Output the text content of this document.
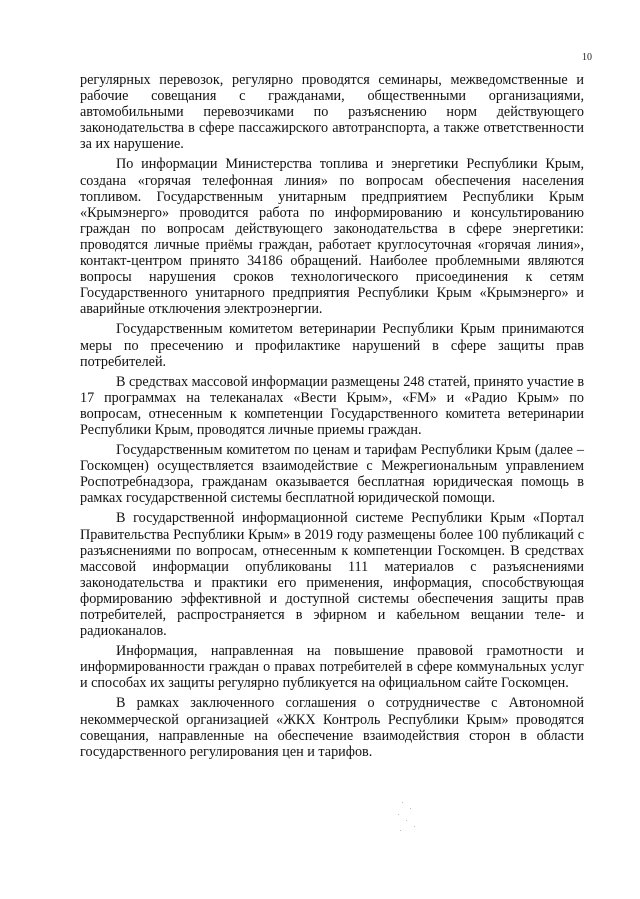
10

регулярных перевозок, регулярно проводятся семинары, межведомственные и рабочие совещания с гражданами, общественными организациями, автомобильными перевозчиками по разъяснению норм действующего законодательства в сфере пассажирского автотранспорта, а также ответственности за их нарушение.

По информации Министерства топлива и энергетики Республики Крым, создана «горячая телефонная линия» по вопросам обеспечения населения топливом. Государственным унитарным предприятием Республики Крым «Крымэнерго» проводится работа по информированию и консультированию граждан по вопросам действующего законодательства в сфере энергетики: проводятся личные приёмы граждан, работает круглосуточная «горячая линия», контакт-центром принято 34186 обращений. Наиболее проблемными являются вопросы нарушения сроков технологического присоединения к сетям Государственного унитарного предприятия Республики Крым «Крымэнерго» и аварийные отключения электроэнергии.

Государственным комитетом ветеринарии Республики Крым принимаются меры по пресечению и профилактике нарушений в сфере защиты прав потребителей.

В средствах массовой информации размещены 248 статей, принято участие в 17 программах на телеканалах «Вести Крым», «FM» и «Радио Крым» по вопросам, отнесенным к компетенции Государственного комитета ветеринарии Республики Крым, проводятся личные приемы граждан.

Государственным комитетом по ценам и тарифам Республики Крым (далее – Госкомцен) осуществляется взаимодействие с Межрегиональным управлением Роспотребнадзора, гражданам оказывается бесплатная юридическая помощь в рамках государственной системы бесплатной юридической помощи.

В государственной информационной системе Республики Крым «Портал Правительства Республики Крым» в 2019 году размещены более 100 публикаций с разъяснениями по вопросам, отнесенным к компетенции Госкомцен. В средствах массовой информации опубликованы 111 материалов с разъяснениями законодательства и практики его применения, информация, способствующая формированию эффективной и доступной системы обеспечения защиты прав потребителей, распространяется в эфирном и кабельном вещании теле- и радиоканалов.

Информация, направленная на повышение правовой грамотности и информированности граждан о правах потребителей в сфере коммунальных услуг и способах их защиты регулярно публикуется на официальном сайте Госкомцен.

В рамках заключенного соглашения о сотрудничестве с Автономной некоммерческой организацией «ЖКХ Контроль Республики Крым» проводятся совещания, направленные на обеспечение взаимодействия сторон в области государственного регулирования цен и тарифов.
